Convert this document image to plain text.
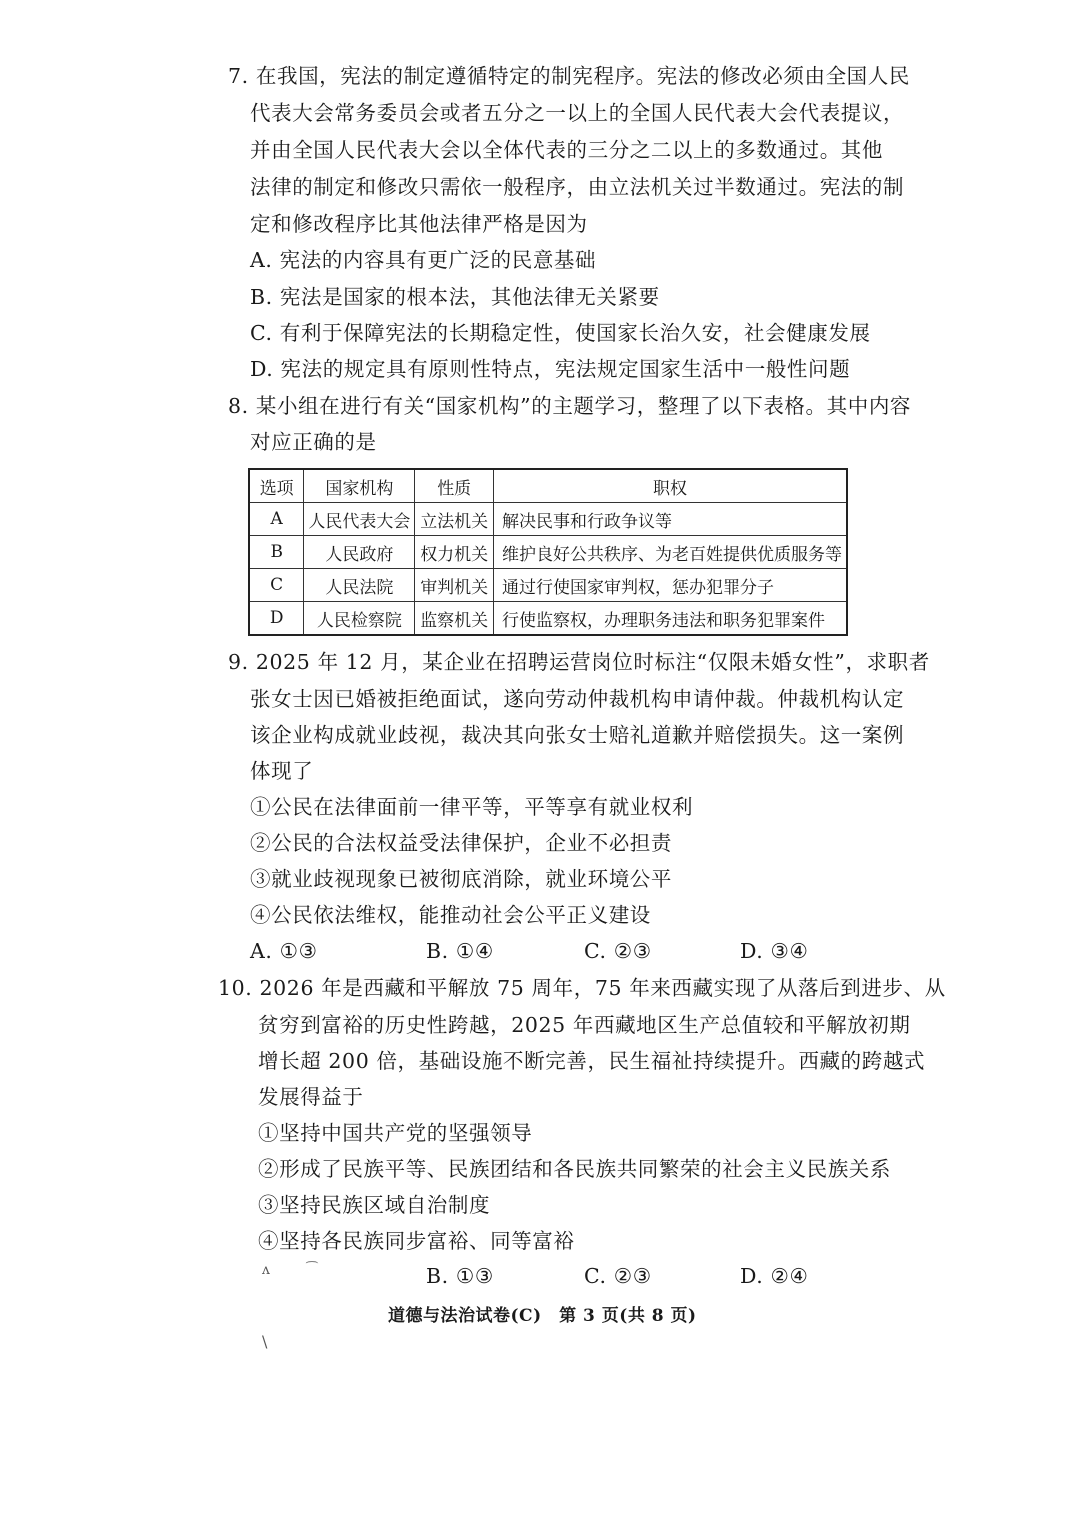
7. 在我国，宪法的制定遵循特定的制宪程序。宪法的修改必须由全国人民
代表大会常务委员会或者五分之一以上的全国人民代表大会代表提议，
并由全国人民代表大会以全体代表的三分之二以上的多数通过。其他
法律的制定和修改只需依一般程序，由立法机关过半数通过。宪法的制
定和修改程序比其他法律严格是因为
A. 宪法的内容具有更广泛的民意基础
B. 宪法是国家的根本法，其他法律无关紧要
C. 有利于保障宪法的长期稳定性，使国家长治久安，社会健康发展
D. 宪法的规定具有原则性特点，宪法规定国家生活中一般性问题
8. 某小组在进行有关“国家机构”的主题学习，整理了以下表格。其中内容
对应正确的是
选项	国家机构	性质	职权
A	人民代表大会	立法机关	解决民事和行政争议等
B	人民政府	权力机关	维护良好公共秩序、为老百姓提供优质服务等
C	人民法院	审判机关	通过行使国家审判权，惩办犯罪分子
D	人民检察院	监察机关	行使监察权，办理职务违法和职务犯罪案件
9. 2025 年 12 月，某企业在招聘运营岗位时标注“仅限未婚女性”，求职者
张女士因已婚被拒绝面试，遂向劳动仲裁机构申请仲裁。仲裁机构认定
该企业构成就业歧视，裁决其向张女士赔礼道歉并赔偿损失。这一案例
体现了
①公民在法律面前一律平等，平等享有就业权利
②公民的合法权益受法律保护，企业不必担责
③就业歧视现象已被彻底消除，就业环境公平
④公民依法维权，能推动社会公平正义建设
A. ①③	B. ①④	C. ②③	D. ③④
10. 2026 年是西藏和平解放 75 周年，75 年来西藏实现了从落后到进步、从
贫穷到富裕的历史性跨越，2025 年西藏地区生产总值较和平解放初期
增长超 200 倍，基础设施不断完善，民生福祉持续提升。西藏的跨越式
发展得益于
①坚持中国共产党的坚强领导
②形成了民族平等、民族团结和各民族共同繁荣的社会主义民族关系
③坚持民族区域自治制度
④坚持各民族同步富裕、同等富裕
ʌ	B. ①③	C. ②③	D. ②④
道德与法治试卷(C)　第 3 页(共 8 页)
\
